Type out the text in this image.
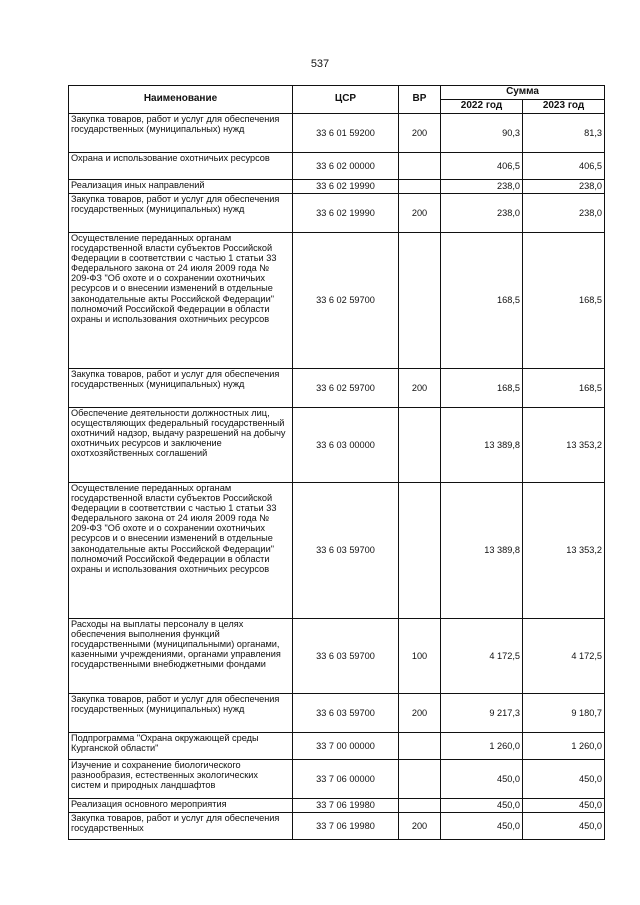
537
Наименование	ЦСР	ВР	Сумма	
			2022 год	2023 год
Закупка товаров, работ и услуг для обеспечения государственных (муниципальных) нужд	33 6 01 59200	200	90,3	81,3
Охрана и использование охотничьих ресурсов	33 6 02 00000		406,5	406,5
Реализация иных направлений	33 6 02 19990		238,0	238,0
Закупка товаров, работ и услуг для обеспечения государственных (муниципальных) нужд	33 6 02 19990	200	238,0	238,0
Осуществление переданных органам государственной власти субъектов Российской Федерации в соответствии с частью 1 статьи 33 Федерального закона от 24 июля 2009 года № 209-ФЗ "Об охоте и о сохранении охотничьих ресурсов и о внесении изменений в отдельные законодательные акты Российской Федерации" полномочий Российской Федерации в области охраны и использования охотничьих ресурсов	33 6 02 59700		168,5	168,5
Закупка товаров, работ и услуг для обеспечения государственных (муниципальных) нужд	33 6 02 59700	200	168,5	168,5
Обеспечение деятельности должностных лиц, осуществляющих федеральный государственный охотничий надзор, выдачу разрешений на добычу охотничьих ресурсов и заключение охотхозяйственных соглашений	33 6 03 00000		13 389,8	13 353,2
Осуществление переданных органам государственной власти субъектов Российской Федерации в соответствии с частью 1 статьи 33 Федерального закона от 24 июля 2009 года № 209-ФЗ "Об охоте и о сохранении охотничьих ресурсов и о внесении изменений в отдельные законодательные акты Российской Федерации" полномочий Российской Федерации в области охраны и использования охотничьих ресурсов	33 6 03 59700		13 389,8	13 353,2
Расходы на выплаты персоналу в целях обеспечения выполнения функций государственными (муниципальными) органами, казенными учреждениями, органами управления государственными внебюджетными фондами	33 6 03 59700	100	4 172,5	4 172,5
Закупка товаров, работ и услуг для обеспечения государственных (муниципальных) нужд	33 6 03 59700	200	9 217,3	9 180,7
Подпрограмма "Охрана окружающей среды Курганской области"	33 7 00 00000		1 260,0	1 260,0
Изучение и сохранение биологического разнообразия, естественных экологических систем и природных ландшафтов	33 7 06 00000		450,0	450,0
Реализация основного мероприятия	33 7 06 19980		450,0	450,0
Закупка товаров, работ и услуг для обеспечения государственных	33 7 06 19980	200	450,0	450,0
